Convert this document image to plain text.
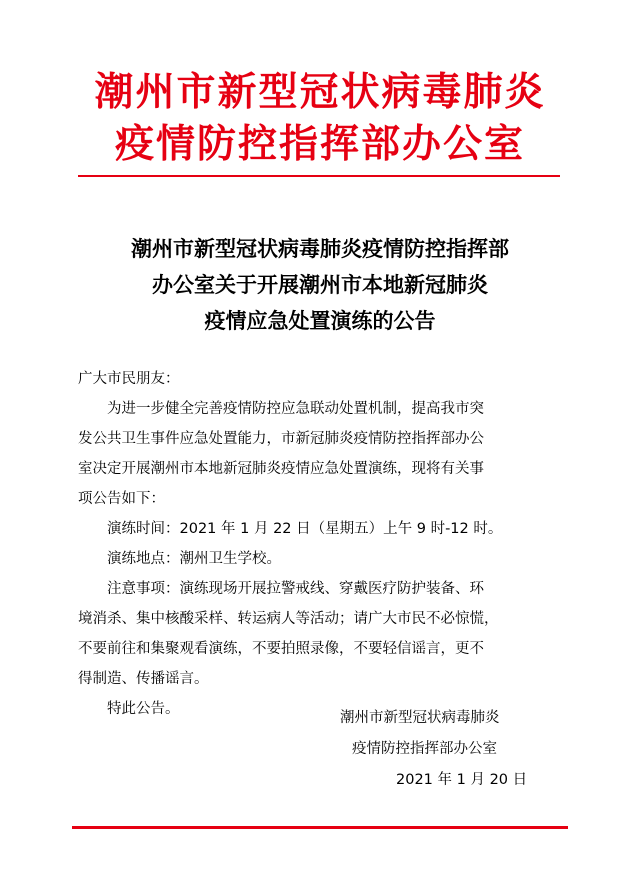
潮州市新型冠状病毒肺炎
疫情防控指挥部办公室
潮州市新型冠状病毒肺炎疫情防控指挥部
办公室关于开展潮州市本地新冠肺炎
疫情应急处置演练的公告

广大市民朋友：

为进一步健全完善疫情防控应急联动处置机制，提高我市突
发公共卫生事件应急处置能力，市新冠肺炎疫情防控指挥部办公
室决定开展潮州市本地新冠肺炎疫情应急处置演练，现将有关事
项公告如下：

演练时间：2021 年 1 月 22 日（星期五）上午 9 时-12 时。

演练地点：潮州卫生学校。

注意事项：演练现场开展拉警戒线、穿戴医疗防护装备、环
境消杀、集中核酸采样、转运病人等活动；请广大市民不必惊慌，
不要前往和集聚观看演练，不要拍照录像，不要轻信谣言，更不
得制造、传播谣言。

特此公告。

潮州市新型冠状病毒肺炎
疫情防控指挥部办公室
2021 年 1 月 20 日
